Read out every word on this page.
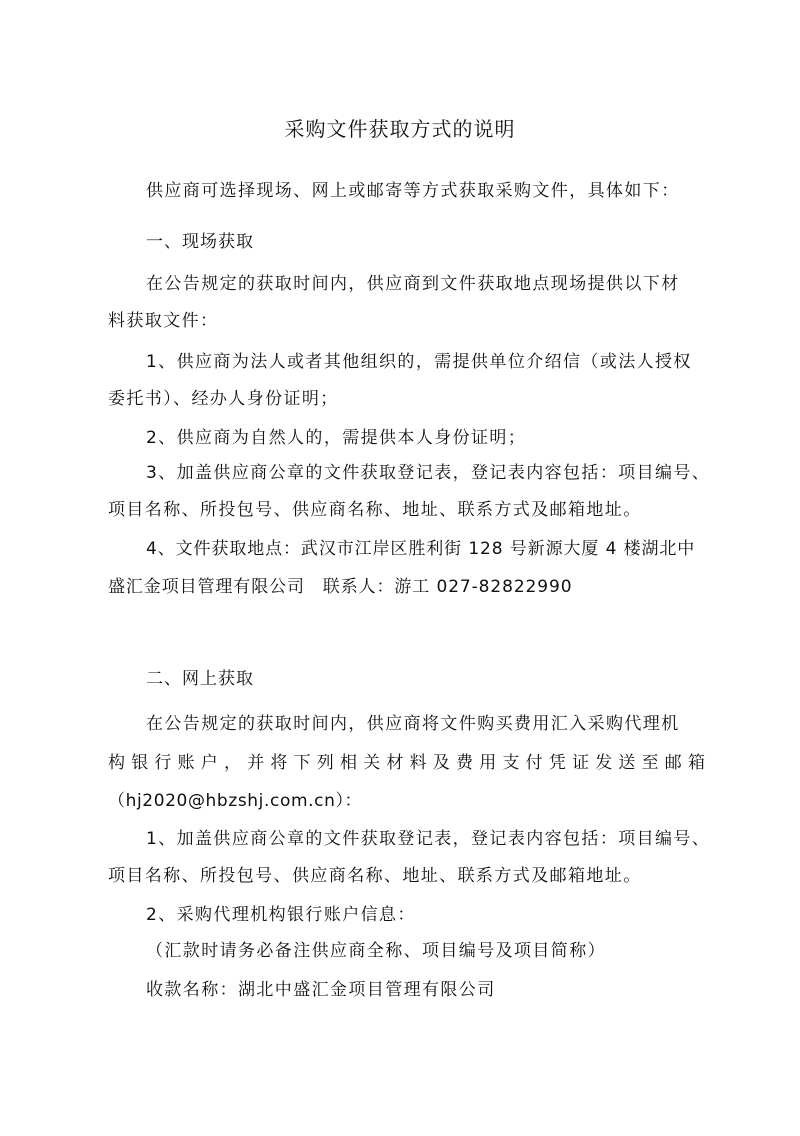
采购文件获取方式的说明
供应商可选择现场、网上或邮寄等方式获取采购文件，具体如下：
一、现场获取
在公告规定的获取时间内，供应商到文件获取地点现场提供以下材
料获取文件：
1、供应商为法人或者其他组织的，需提供单位介绍信（或法人授权
委托书）、经办人身份证明；
2、供应商为自然人的，需提供本人身份证明；
3、加盖供应商公章的文件获取登记表，登记表内容包括：项目编号、
项目名称、所投包号、供应商名称、地址、联系方式及邮箱地址。
4、文件获取地点：武汉市江岸区胜利街 128 号新源大厦 4 楼湖北中
盛汇金项目管理有限公司　联系人：游工 027-82822990
二、网上获取
在公告规定的获取时间内，供应商将文件购买费用汇入采购代理机
构银行账户，并将下列相关材料及费用支付凭证发送至邮箱
（hj2020@hbzshj.com.cn）：
1、加盖供应商公章的文件获取登记表，登记表内容包括：项目编号、
项目名称、所投包号、供应商名称、地址、联系方式及邮箱地址。
2、采购代理机构银行账户信息：
（汇款时请务必备注供应商全称、项目编号及项目简称）
收款名称：湖北中盛汇金项目管理有限公司
